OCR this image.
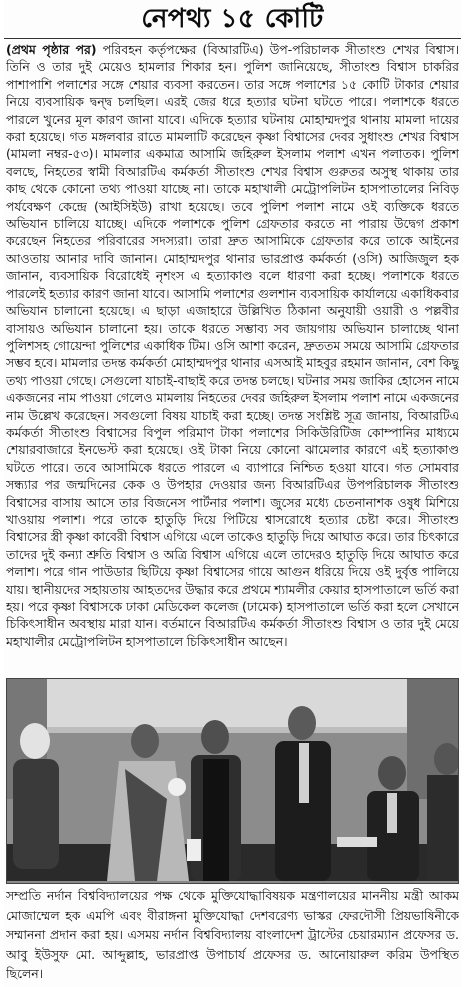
নেপথ্য ১৫ কোটি

(প্রথম পৃষ্ঠার পর) পরিবহন কর্তৃপক্ষের (বিআরটিএ) উপ-পরিচালক সীতাংশু শেখর বিশ্বাস। তিনি ও তার দুই মেয়েও হামলার শিকার হন। পুলিশ জানিয়েছে, সীতাংশু বিশ্বাস চাকরির পাশাপাশি পলাশের সঙ্গে শেয়ার ব্যবসা করতেন। তার সঙ্গে পলাশের ১৫ কোটি টাকার শেয়ার নিয়ে ব্যবসায়িক দ্বন্দ্ব চলছিল। এরই জের ধরে হত্যার ঘটনা ঘটতে পারে। পলাশকে ধরতে পারলে খুনের মূল কারণ জানা যাবে। এদিকে হত্যার ঘটনায় মোহাম্মদপুর থানায় মামলা দায়ের করা হয়েছে। গত মঙ্গলবার রাতে মামলাটি করেছেন কৃষ্ণা বিশ্বাসের দেবর সুধাংশু শেখর বিশ্বাস (মামলা নম্বর-৫৩)। মামলার একমাত্র আসামি জহিরুল ইসলাম পলাশ এখন পলাতক। পুলিশ বলছে, নিহতের স্বামী বিআরটিএ কর্মকর্তা সীতাংশু শেখর বিশ্বাস গুরুতর অসুস্থ থাকায় তার কাছ থেকে কোনো তথ্য পাওয়া যাচ্ছে না। তাকে মহাখালী মেট্রোপলিটন হাসপাতালের নিবিড় পর্যবেক্ষণ কেন্দ্রে (আইসিইউ) রাখা হয়েছে। তবে পুলিশ পলাশ নামে ওই ব্যক্তিকে ধরতে অভিযান চালিয়ে যাচ্ছে। এদিকে পলাশকে পুলিশ গ্রেফতার করতে না পারায় উদ্বেগ প্রকাশ করেছেন নিহতের পরিবারের সদস্যরা। তারা দ্রুত আসামিকে গ্রেফতার করে তাকে আইনের আওতায় আনার দাবি জানান। মোহাম্মদপুর থানার ভারপ্রাপ্ত কর্মকর্তা (ওসি) আজিজুল হক জানান, ব্যবসায়িক বিরোধেই নৃশংস এ হত্যাকাণ্ড বলে ধারণা করা হচ্ছে। পলাশকে ধরতে পারলেই হত্যার কারণ জানা যাবে। আসামি পলাশের গুলশান ব্যবসায়িক কার্যালয়ে একাধিকবার অভিযান চালানো হয়েছে। এ ছাড়া এজাহারে উল্লিখিত ঠিকানা অনুযায়ী ওয়ারী ও পল্লবীর বাসায়ও অভিযান চালানো হয়। তাকে ধরতে সম্ভাব্য সব জায়গায় অভিযান চালাচ্ছে থানা পুলিশসহ গোয়েন্দা পুলিশের একাধিক টিম। ওসি আশা করেন, দ্রুততম সময়ে আসামি গ্রেফতার সম্ভব হবে। মামলার তদন্ত কর্মকর্তা মোহাম্মদপুর থানার এসআই মাহবুর রহমান জানান, বেশ কিছু তথ্য পাওয়া গেছে। সেগুলো যাচাই-বাছাই করে তদন্ত চলছে। ঘটনার সময় জাকির হোসেন নামে একজনের নাম পাওয়া গেলেও মামলায় নিহতের দেবর জহিরুল ইসলাম পলাশ নামে একজনের নাম উল্লেখ করেছেন। সবগুলো বিষয় যাচাই করা হচ্ছে। তদন্ত সংশ্লিষ্ট সূত্র জানায়, বিআরটিএ কর্মকর্তা সীতাংশু বিশ্বাসের বিপুল পরিমাণ টাকা পলাশের সিকিউরিটিজ কোম্পানির মাধ্যমে শেয়ারবাজারে ইনভেস্ট করা হয়েছে। ওই টাকা নিয়ে কোনো ঝামেলার কারণে এই হত্যাকাণ্ড ঘটতে পারে। তবে আসামিকে ধরতে পারলে এ ব্যাপারে নিশ্চিত হওয়া যাবে। গত সোমবার সন্ধ্যার পর জন্মদিনের কেক ও উপহার দেওয়ার জন্য বিআরটিএর উপপরিচালক সীতাংশু বিশ্বাসের বাসায় আসে তার বিজনেস পার্টনার পলাশ। জুসের মধ্যে চেতনানাশক ওষুধ মিশিয়ে খাওয়ায় পলাশ। পরে তাকে হাতুড়ি দিয়ে পিটিয়ে শ্বাসরোধে হত্যার চেষ্টা করে। সীতাংশু বিশ্বাসের স্ত্রী কৃষ্ণা কাবেরী বিশ্বাস এগিয়ে এলে তাকেও হাতুড়ি দিয়ে আঘাত করে। তার চিৎকারে তাদের দুই কন্যা শ্রুতি বিশ্বাস ও অত্রি বিশ্বাস এগিয়ে এলে তাদেরও হাতুড়ি দিয়ে আঘাত করে পলাশ। পরে গান পাউডার ছিটিয়ে কৃষ্ণা বিশ্বাসের গায়ে আগুন ধরিয়ে দিয়ে ওই দুর্বৃত্ত পালিয়ে যায়। স্থানীয়দের সহায়তায় আহতদের উদ্ধার করে প্রথমে শ্যামলীর কেয়ার হাসপাতালে ভর্তি করা হয়। পরে কৃষ্ণা বিশ্বাসকে ঢাকা মেডিকেল কলেজ (ঢামেক) হাসপাতালে ভর্তি করা হলে সেখানে চিকিৎসাধীন অবস্থায় মারা যান। বর্তমানে বিআরটিএ কর্মকর্তা সীতাংশু বিশ্বাস ও তার দুই মেয়ে মহাখালীর মেট্রোপলিটন হাসপাতালে চিকিৎসাধীন আছেন।

সম্প্রতি নর্দান বিশ্ববিদ্যালয়ের পক্ষ থেকে মুক্তিযোদ্ধাবিষয়ক মন্ত্রণালয়ের মাননীয় মন্ত্রী আকম মোজাম্মেল হক এমপি এবং বীরাঙ্গনা মুক্তিযোদ্ধা দেশবরেণ্য ভাস্কর ফেরদৌসী প্রিয়ভাষিনীকে সম্মাননা প্রদান করা হয়। এসময় নর্দান বিশ্ববিদ্যালয় বাংলাদেশ ট্রাস্টের চেয়ারম্যান প্রফেসর ড. আবু ইউসুফ মো. আব্দুল্লাহ, ভারপ্রাপ্ত উপাচার্য প্রফেসর ড. আনোয়ারুল করিম উপস্থিত ছিলেন।
